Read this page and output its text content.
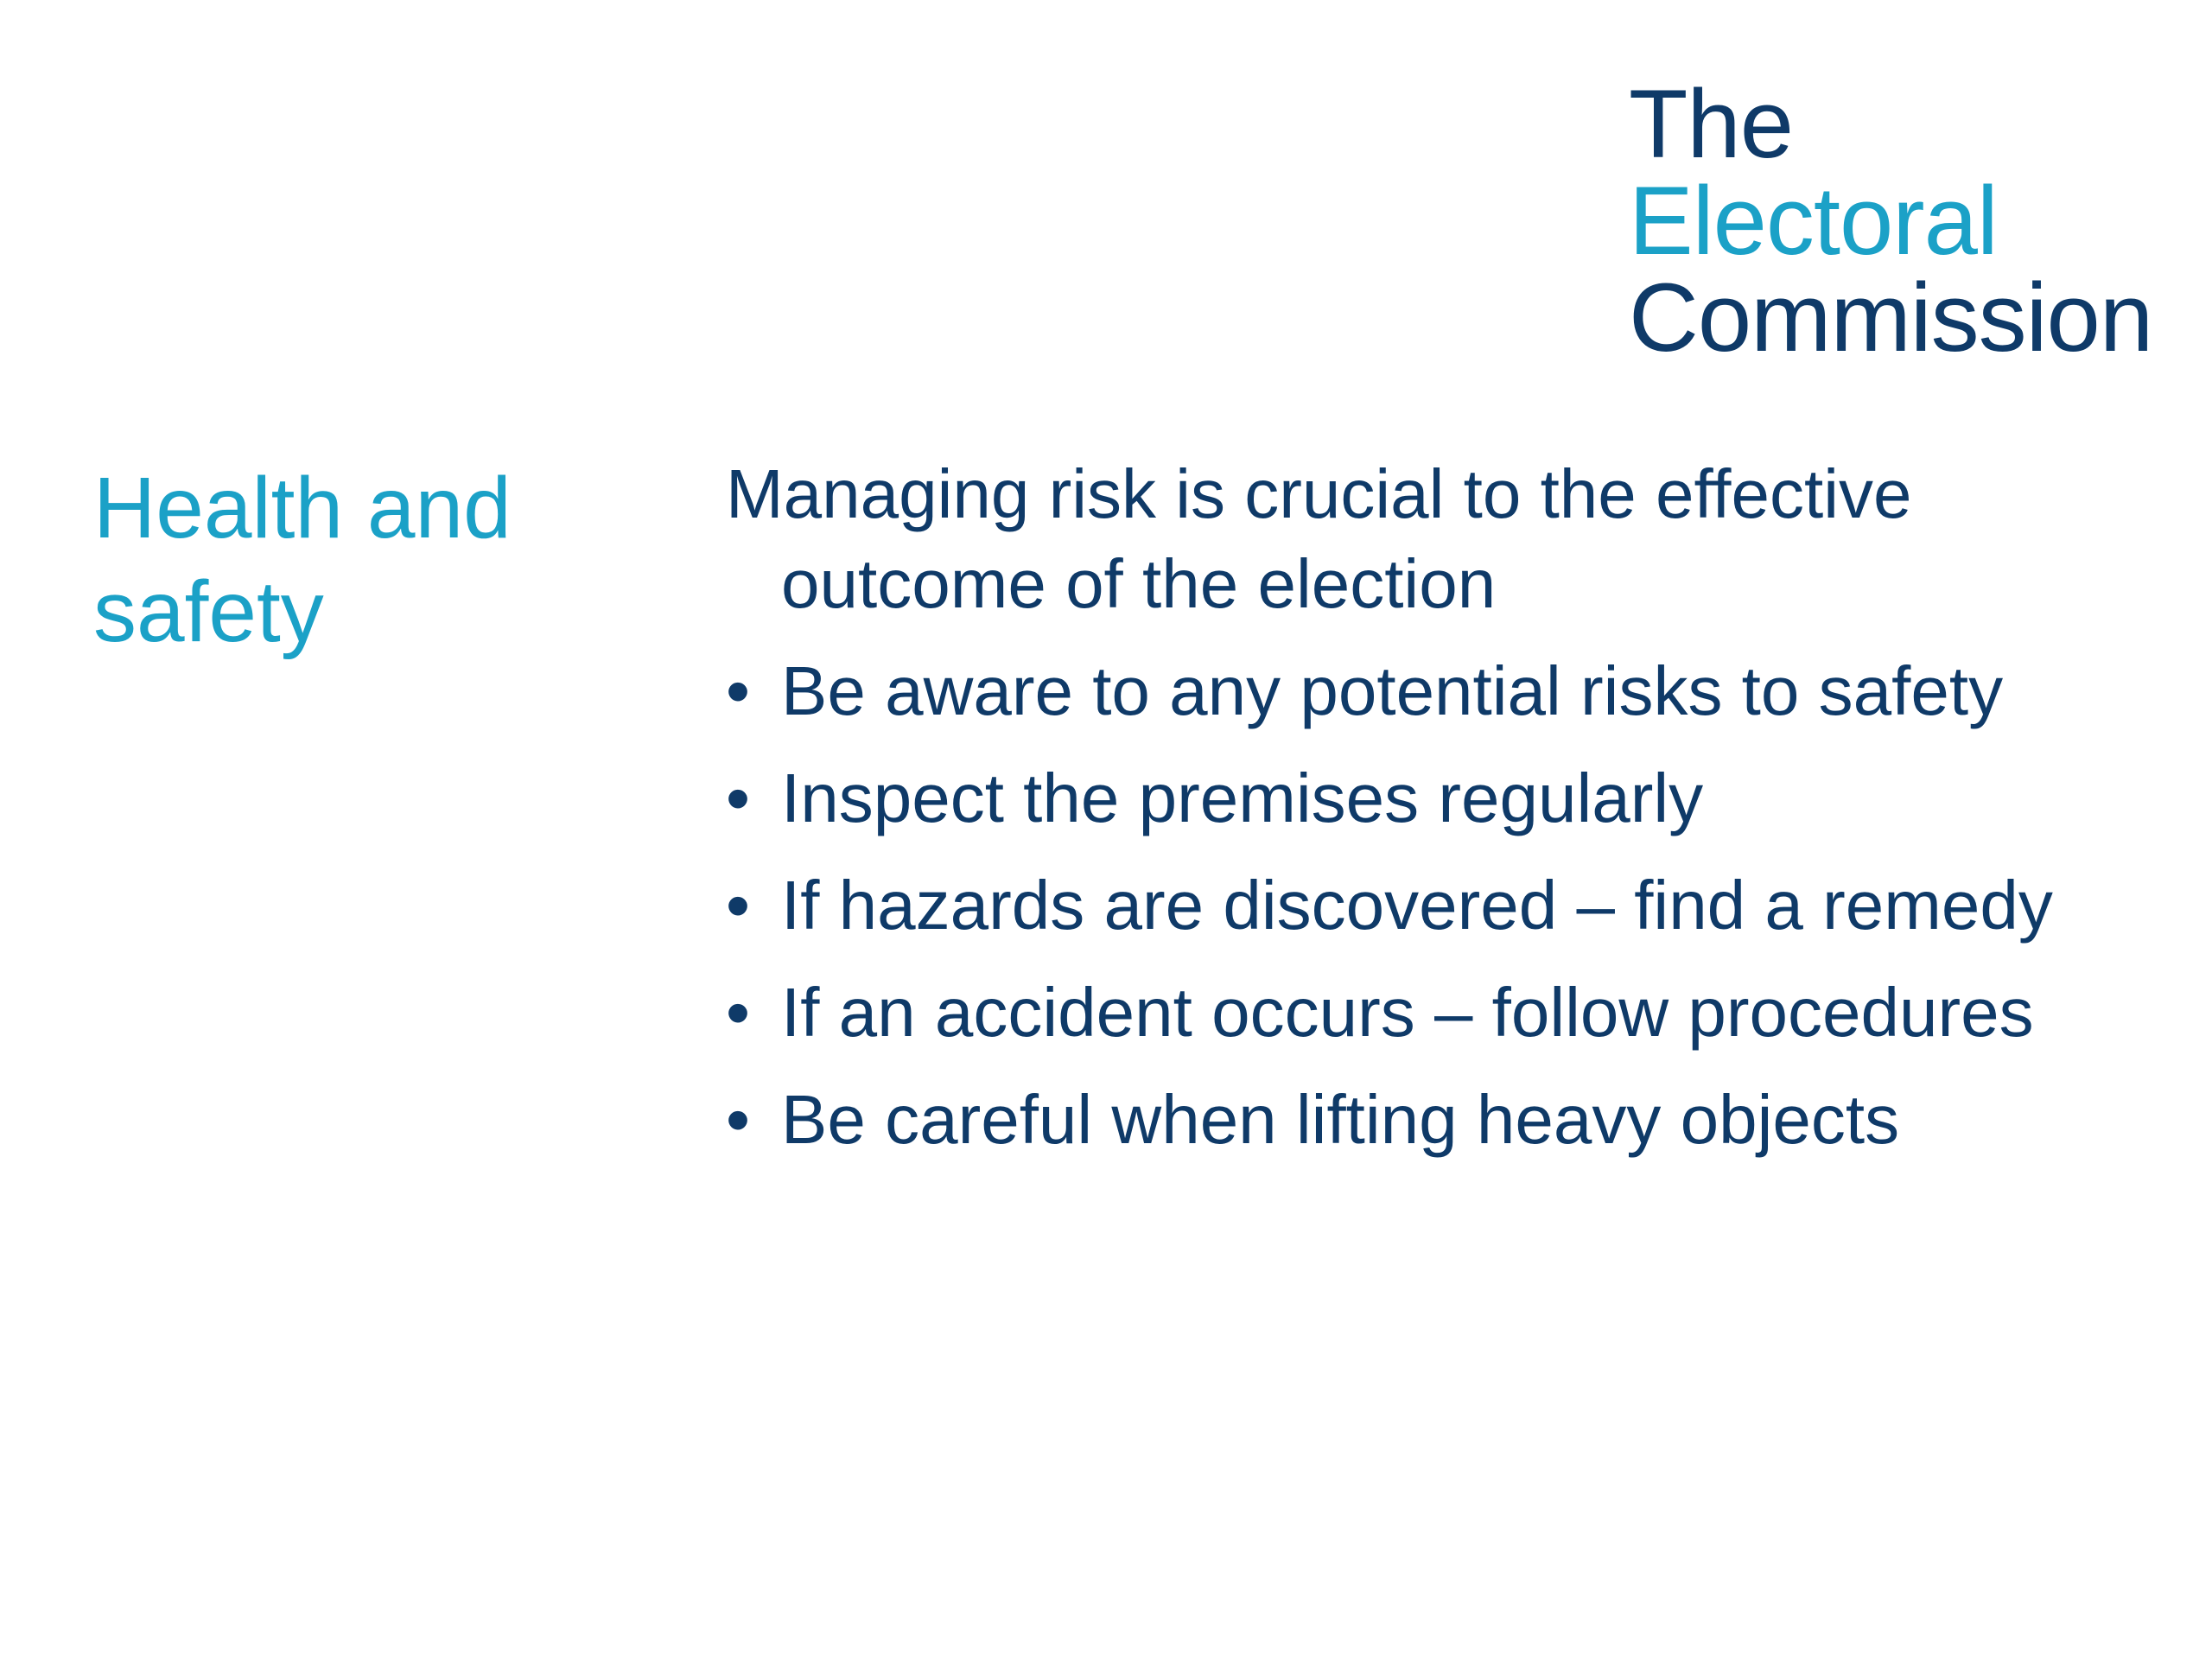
The
Electoral
Commission
Health and
safety

Managing risk is crucial to the effective outcome of the election

• Be aware to any potential risks to safety
• Inspect the premises regularly
• If hazards are discovered – find a remedy
• If an accident occurs – follow procedures
• Be careful when lifting heavy objects
